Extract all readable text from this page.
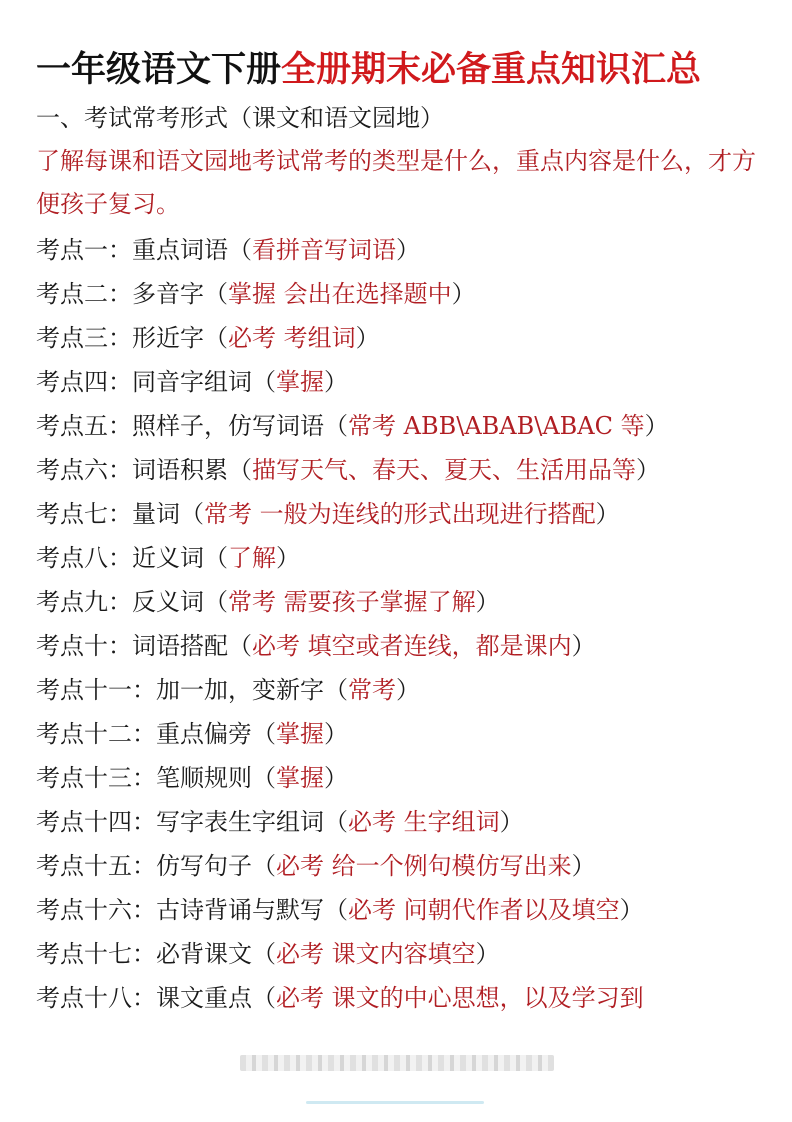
一年级语文下册全册期末必备重点知识汇总
一、考试常考形式（课文和语文园地）
了解每课和语文园地考试常考的类型是什么，重点内容是什么，才方便孩子复习。
考点一：重点词语（看拼音写词语）
考点二：多音字（掌握 会出在选择题中）
考点三：形近字（必考 考组词）
考点四：同音字组词（掌握）
考点五：照样子，仿写词语（常考 ABB\ABAB\ABAC 等）
考点六：词语积累（描写天气、春天、夏天、生活用品等）
考点七：量词（常考 一般为连线的形式出现进行搭配）
考点八：近义词（了解）
考点九：反义词（常考 需要孩子掌握了解）
考点十：词语搭配（必考 填空或者连线，都是课内）
考点十一：加一加，变新字（常考）
考点十二：重点偏旁（掌握）
考点十三：笔顺规则（掌握）
考点十四：写字表生字组词（必考 生字组词）
考点十五：仿写句子（必考 给一个例句模仿写出来）
考点十六：古诗背诵与默写（必考 问朝代作者以及填空）
考点十七：必背课文（必考 课文内容填空）
考点十八：课文重点（必考 课文的中心思想，以及学习到
